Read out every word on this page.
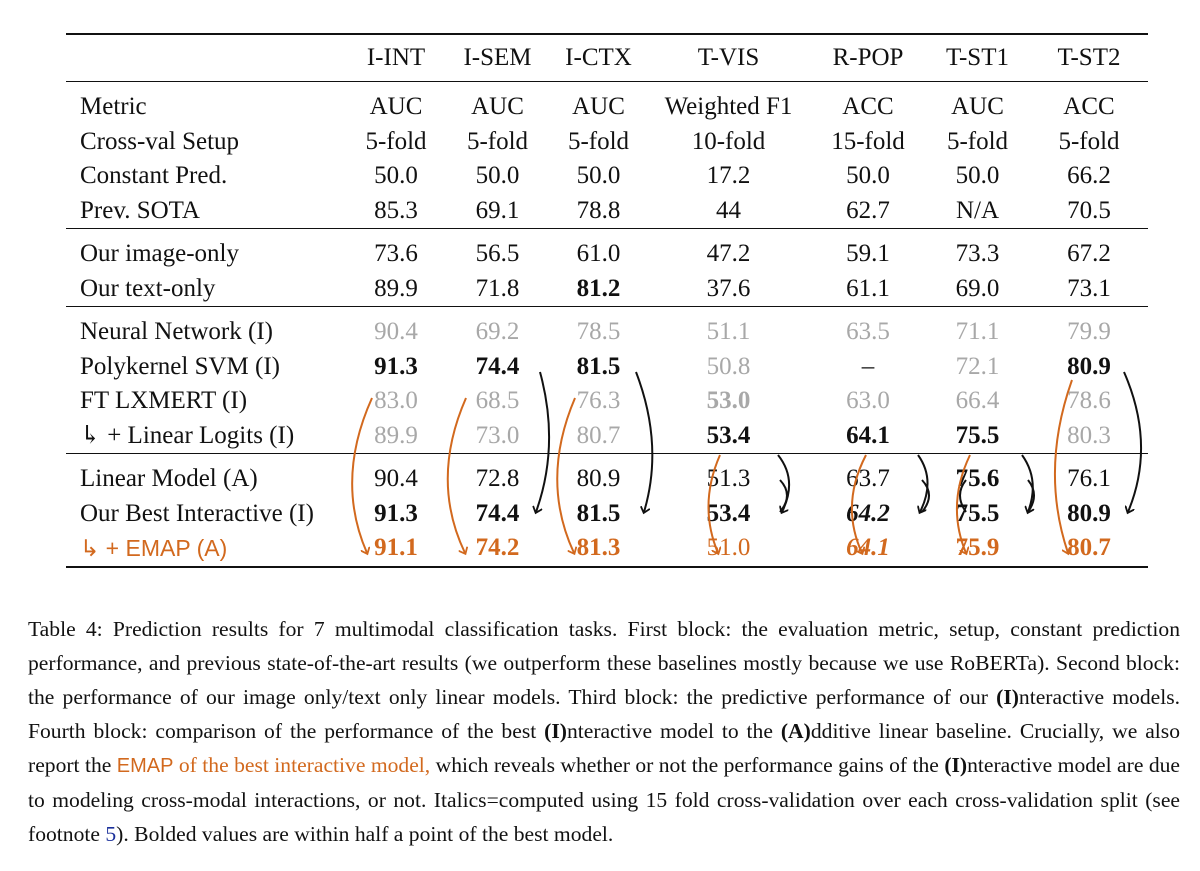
	I-INT	I-SEM	I-CTX	T-VIS	R-POP	T-ST1	T-ST2
Metric	AUC	AUC	AUC	Weighted F1	ACC	AUC	ACC
Cross-val Setup	5-fold	5-fold	5-fold	10-fold	15-fold	5-fold	5-fold
Constant Pred.	50.0	50.0	50.0	17.2	50.0	50.0	66.2
Prev. SOTA	85.3	69.1	78.8	44	62.7	N/A	70.5
Our image-only	73.6	56.5	61.0	47.2	59.1	73.3	67.2
Our text-only	89.9	71.8	81.2	37.6	61.1	69.0	73.1
Neural Network (I)	90.4	69.2	78.5	51.1	63.5	71.1	79.9
Polykernel SVM (I)	91.3	74.4	81.5	50.8	–	72.1	80.9
FT LXMERT (I)	83.0	68.5	76.3	53.0	63.0	66.4	78.6
↳ + Linear Logits (I)	89.9	73.0	80.7	53.4	64.1	75.5	80.3
Linear Model (A)	90.4	72.8	80.9	51.3	63.7	75.6	76.1
Our Best Interactive (I)	91.3	74.4	81.5	53.4	64.2	75.5	80.9
↳ + EMAP (A)	91.1	74.2	81.3	51.0	64.1	75.9	80.7
Table 4: Prediction results for 7 multimodal classification tasks. First block: the evaluation metric, setup, constant prediction performance, and previous state-of-the-art results (we outperform these baselines mostly because we use RoBERTa). Second block: the performance of our image only/text only linear models. Third block: the predictive performance of our (I)nteractive models. Fourth block: comparison of the performance of the best (I)nteractive model to the (A)dditive linear baseline. Crucially, we also report the EMAP of the best interactive model, which reveals whether or not the performance gains of the (I)nteractive model are due to modeling cross-modal interactions, or not. Italics=computed using 15 fold cross-validation over each cross-validation split (see footnote 5). Bolded values are within half a point of the best model.
